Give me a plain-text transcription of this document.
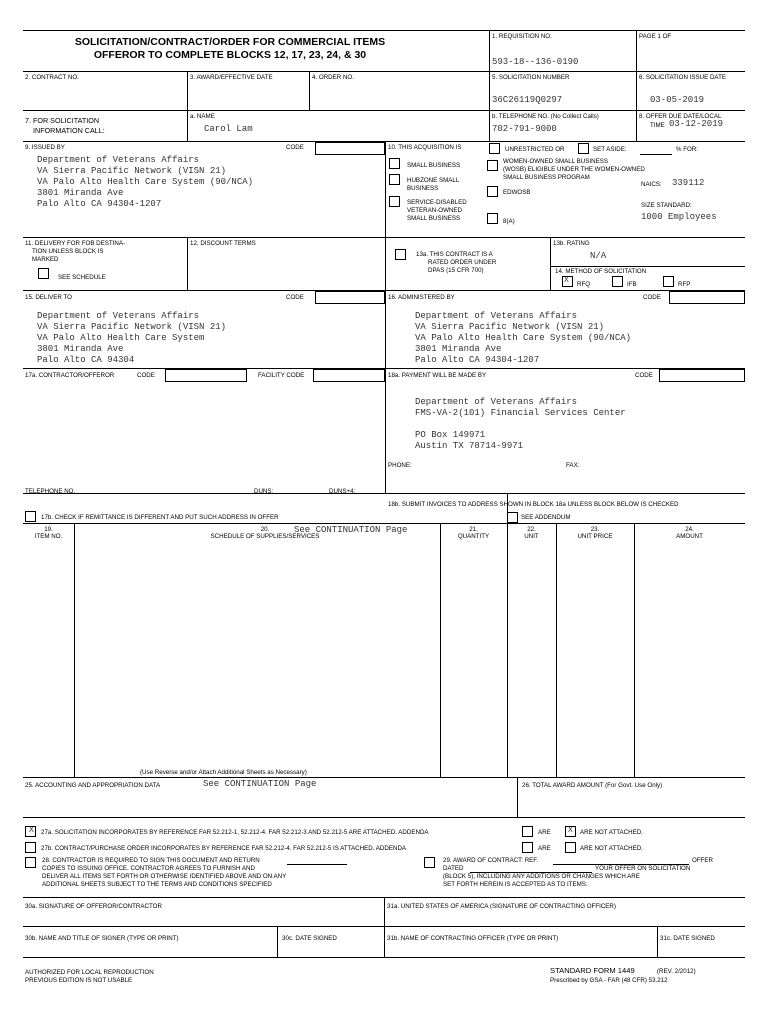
SOLICITATION/CONTRACT/ORDER FOR COMMERCIAL ITEMS
OFFEROR TO COMPLETE BLOCKS 12, 17, 23, 24, & 30
1. REQUISITION NO.
593-18--136-0190
PAGE 1 OF
2. CONTRACT NO.	3. AWARD/EFFECTIVE DATE	4. ORDER NO.	5. SOLICITATION NUMBER
36C26119Q0297
6. SOLICITATION ISSUE DATE
03-05-2019
7. FOR SOLICITATION
INFORMATION CALL:
a. NAME
Carol Lam
b. TELEPHONE NO. (No Collect Calls)
702-791-9000
8. OFFER DUE DATE/LOCAL
TIME 03-12-2019
9. ISSUED BY	CODE
Department of Veterans Affairs
VA Sierra Pacific Network (VISN 21)
VA Palo Alto Health Care System (90/NCA)
3801 Miranda Ave
Palo Alto CA 94304-1207
10. THIS ACQUISITION IS	UNRESTRICTED OR	SET ASIDE:	% FOR:
SMALL BUSINESS
HUBZONE SMALL
BUSINESS
SERVICE-DISABLED
VETERAN-OWNED
SMALL BUSINESS
WOMEN-OWNED SMALL BUSINESS
(WOSB) ELIGIBLE UNDER THE WOMEN-OWNED
SMALL BUSINESS PROGRAM
EDWOSB
8(A)
NAICS: 339112
SIZE STANDARD:
1000 Employees
11. DELIVERY FOR FOB DESTINA-
TION UNLESS BLOCK IS
MARKED
SEE SCHEDULE
12. DISCOUNT TERMS
13a. THIS CONTRACT IS A
RATED ORDER UNDER
DPAS (15 CFR 700)
13b. RATING
N/A
14. METHOD OF SOLICITATION
X RFQ	IFB	RFP
15. DELIVER TO	CODE
Department of Veterans Affairs
VA Sierra Pacific Network (VISN 21)
VA Palo Alto Health Care System
3801 Miranda Ave
Palo Alto CA 94304
16. ADMINISTERED BY	CODE
Department of Veterans Affairs
VA Sierra Pacific Network (VISN 21)
VA Palo Alto Health Care System (90/NCA)
3801 Miranda Ave
Palo Alto CA 94304-1207
17a. CONTRACTOR/OFFEROR	CODE	FACILITY CODE
TELEPHONE NO.	DUNS:	DUNS+4:
17b. CHECK IF REMITTANCE IS DIFFERENT AND PUT SUCH ADDRESS IN OFFER
18a. PAYMENT WILL BE MADE BY	CODE
Department of Veterans Affairs
FMS-VA-2(101) Financial Services Center
PO Box 149971
Austin TX 78714-9971
PHONE:	FAX:
18b. SUBMIT INVOICES TO ADDRESS SHOWN IN BLOCK 18a UNLESS BLOCK BELOW IS CHECKED
SEE ADDENDUM
19.
ITEM NO.
20.
SCHEDULE OF SUPPLIES/SERVICES
See CONTINUATION Page	21.
QUANTITY
22.
UNIT
23.
UNIT PRICE
24.
AMOUNT
(Use Reverse and/or Attach Additional Sheets as Necessary)
25. ACCOUNTING AND APPROPRIATION DATA	See CONTINUATION Page	26. TOTAL AWARD AMOUNT (For Govt. Use Only)
X 27a. SOLICITATION INCORPORATES BY REFERENCE FAR 52.212-1, 52.212-4. FAR 52.212-3 AND 52.212-5 ARE ATTACHED. ADDENDA	ARE X ARE NOT ATTACHED.
27b. CONTRACT/PURCHASE ORDER INCORPORATES BY REFERENCE FAR 52.212-4. FAR 52.212-5 IS ATTACHED. ADDENDA	ARE	ARE NOT ATTACHED.
28. CONTRACTOR IS REQUIRED TO SIGN THIS DOCUMENT AND RETURN
COPIES TO ISSUING OFFICE. CONTRACTOR AGREES TO FURNISH AND
DELIVER ALL ITEMS SET FORTH OR OTHERWISE IDENTIFIED ABOVE AND ON ANY
ADDITIONAL SHEETS SUBJECT TO THE TERMS AND CONDITIONS SPECIFIED
29. AWARD OF CONTRACT: REF.
DATED
(BLOCK 5), INCLUDING ANY ADDITIONS OR CHANGES WHICH ARE
SET FORTH HEREIN IS ACCEPTED AS TO ITEMS:
OFFER
YOUR OFFER ON SOLICITATION
30a. SIGNATURE OF OFFEROR/CONTRACTOR	31a. UNITED STATES OF AMERICA (SIGNATURE OF CONTRACTING OFFICER)
30b. NAME AND TITLE OF SIGNER (TYPE OR PRINT)	30c. DATE SIGNED	31b. NAME OF CONTRACTING OFFICER (TYPE OR PRINT)	31c. DATE SIGNED
AUTHORIZED FOR LOCAL REPRODUCTION
PREVIOUS EDITION IS NOT USABLE
STANDARD FORM 1449	(REV. 2/2012)
Prescribed by GSA - FAR (48 CFR) 53.212
